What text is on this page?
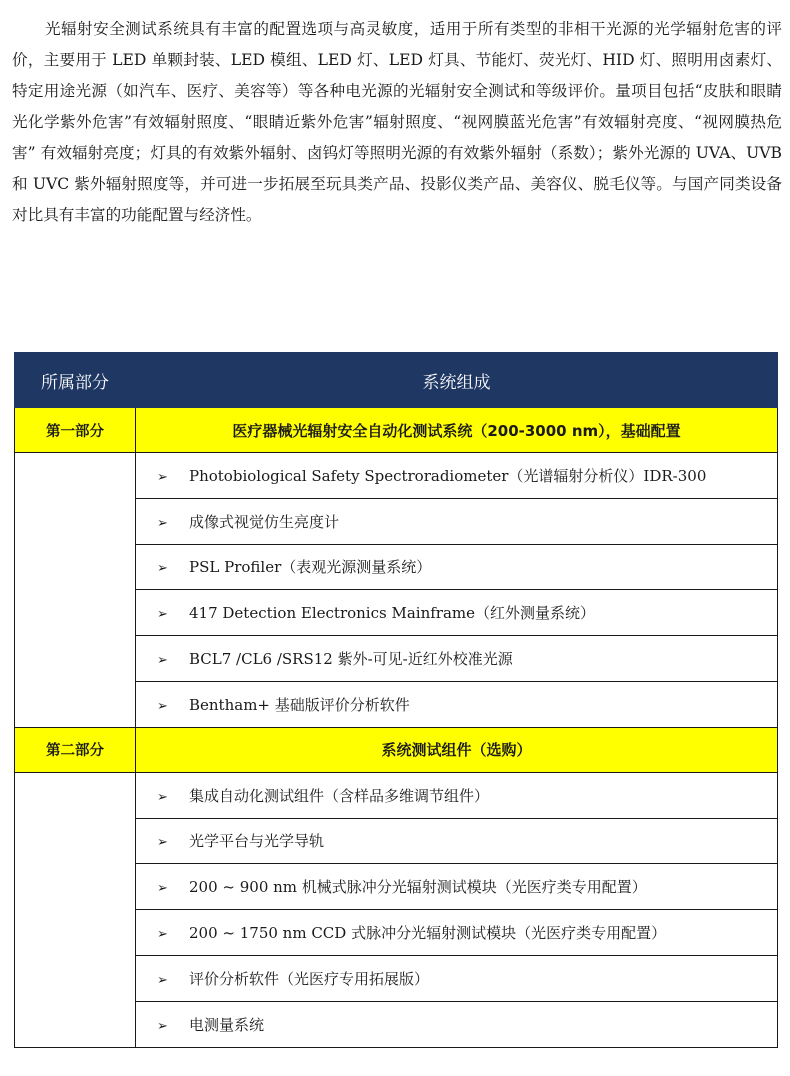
光辐射安全测试系统具有丰富的配置选项与高灵敏度，适用于所有类型的非相干光源的光学辐射危害的评价，主要用于 LED 单颗封装、LED 模组、LED 灯、LED 灯具、节能灯、荧光灯、HID 灯、照明用卤素灯、特定用途光源（如汽车、医疗、美容等）等各种电光源的光辐射安全测试和等级评价。量项目包括“皮肤和眼睛光化学紫外危害”有效辐射照度、“眼睛近紫外危害”辐射照度、“视网膜蓝光危害”有效辐射亮度、“视网膜热危害” 有效辐射亮度；灯具的有效紫外辐射、卤钨灯等照明光源的有效紫外辐射（系数）；紫外光源的 UVA、UVB 和 UVC 紫外辐射照度等，并可进一步拓展至玩具类产品、投影仪类产品、美容仪、脱毛仪等。与国产同类设备对比具有丰富的功能配置与经济性。

所属部分	系统组成
第一部分	医疗器械光辐射安全自动化测试系统（200-3000 nm），基础配置
	➢ Photobiological Safety Spectroradiometer（光谱辐射分析仪）IDR-300
	➢ 成像式视觉仿生亮度计
	➢ PSL Profiler（表观光源测量系统）
	➢ 417 Detection Electronics Mainframe（红外测量系统）
	➢ BCL7 /CL6 /SRS12 紫外-可见-近红外校准光源
	➢ Bentham+ 基础版评价分析软件
第二部分	系统测试组件（选购）
	➢ 集成自动化测试组件（含样品多维调节组件）
	➢ 光学平台与光学导轨
	➢ 200 ~ 900 nm 机械式脉冲分光辐射测试模块（光医疗类专用配置）
	➢ 200 ~ 1750 nm CCD 式脉冲分光辐射测试模块（光医疗类专用配置）
	➢ 评价分析软件（光医疗专用拓展版）
	➢ 电测量系统
